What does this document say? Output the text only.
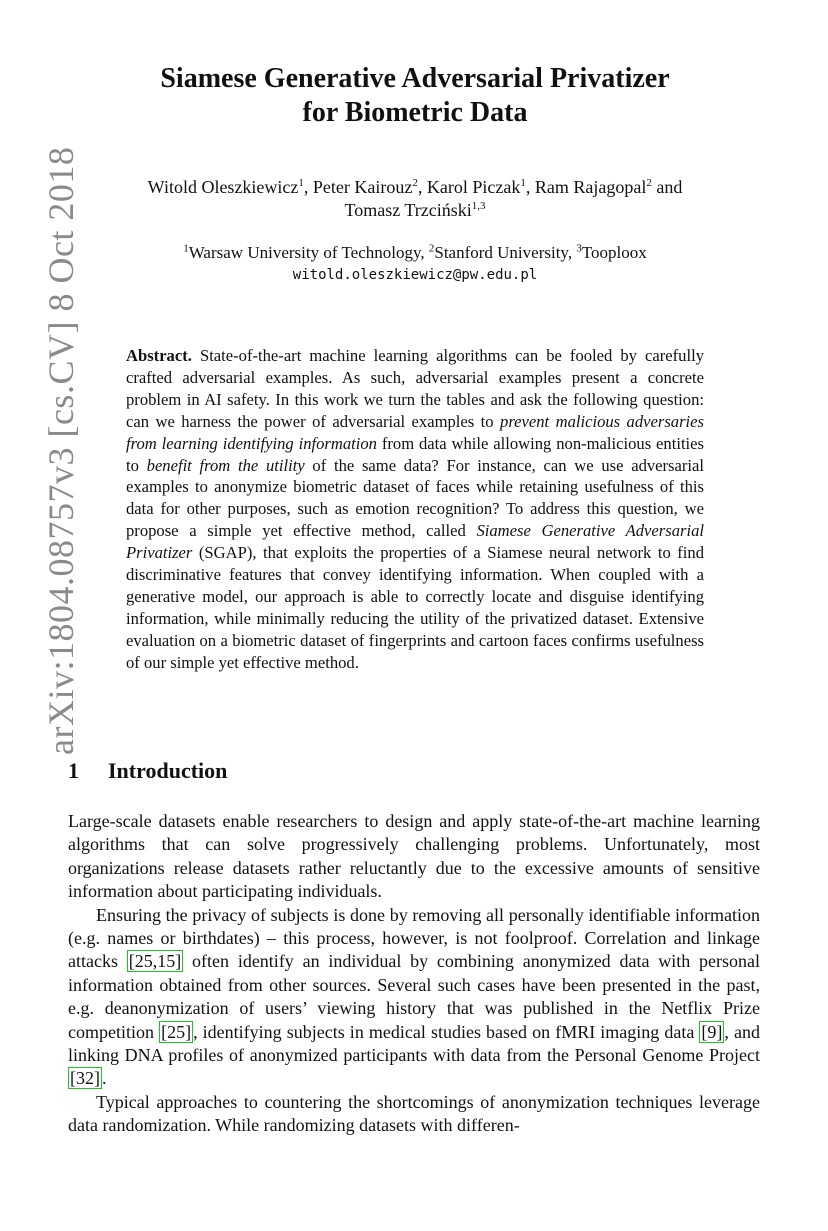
arXiv:1804.08757v3 [cs.CV] 8 Oct 2018
Siamese Generative Adversarial Privatizer
for Biometric Data
Witold Oleszkiewicz$^1$, Peter Kairouz$^2$, Karol Piczak$^1$, Ram Rajagopal$^2$ and
Tomasz Trzciński$^{1,3}$
$^1$Warsaw University of Technology, $^2$Stanford University, $^3$Tooploox
witold.oleszkiewicz@pw.edu.pl
Abstract. State-of-the-art machine learning algorithms can be fooled by carefully crafted adversarial examples. As such, adversarial examples present a concrete problem in AI safety. In this work we turn the tables and ask the following question: can we harness the power of adversarial examples to prevent malicious adversaries from learning identifying information from data while allowing non-malicious entities to benefit from the utility of the same data? For instance, can we use adversarial examples to anonymize biometric dataset of faces while retaining usefulness of this data for other purposes, such as emotion recognition? To address this question, we propose a simple yet effective method, called Siamese Generative Adversarial Privatizer (SGAP), that exploits the properties of a Siamese neural network to find discriminative features that convey identifying information. When coupled with a generative model, our approach is able to correctly locate and disguise identifying information, while minimally reducing the utility of the privatized dataset. Extensive evaluation on a biometric dataset of fingerprints and cartoon faces confirms usefulness of our simple yet effective method.
1 Introduction

Large-scale datasets enable researchers to design and apply state-of-the-art machine learning algorithms that can solve progressively challenging problems. Unfortunately, most organizations release datasets rather reluctantly due to the excessive amounts of sensitive information about participating individuals.

Ensuring the privacy of subjects is done by removing all personally identifiable information (e.g. names or birthdates) – this process, however, is not foolproof. Correlation and linkage attacks [25,15] often identify an individual by combining anonymized data with personal information obtained from other sources. Several such cases have been presented in the past, e.g. deanonymization of users’ viewing history that was published in the Netflix Prize competition [25] , identifying subjects in medical studies based on fMRI imaging data [9] , and linking DNA profiles of anonymized participants with data from the Personal Genome Project [32] .

Typical approaches to countering the shortcomings of anonymization techniques leverage data randomization. While randomizing datasets with differen-
